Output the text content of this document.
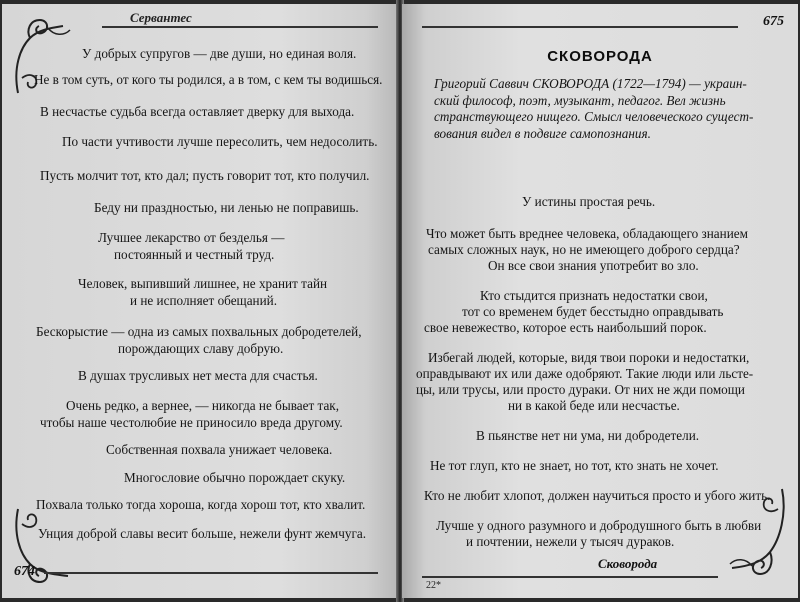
Сервантес
У добрых супругов — две души, но единая воля.
Не в том суть, от кого ты родился, а в том, с кем ты водишься.
В несчастье судьба всегда оставляет дверку для выхода.
По части учтивости лучше пересолить, чем недосолить.
Пусть молчит тот, кто дал; пусть говорит тот, кто получил.
Беду ни праздностью, ни ленью не поправишь.
Лучшее лекарство от безделья —
постоянный и честный труд.
Человек, выпивший лишнее, не хранит тайн
и не исполняет обещаний.
Бескорыстие — одна из самых похвальных добродетелей,
порождающих славу добрую.
В душах трусливых нет места для счастья.
Очень редко, а вернее, — никогда не бывает так,
чтобы наше честолюбие не приносило вреда другому.
Собственная похвала унижает человека.
Многословие обычно порождает скуку.
Похвала только тогда хороша, когда хорош тот, кто хвалит.
Унция доброй славы весит больше, нежели фунт жемчуга.
674
675
СКОВОРОДА
Григорий Саввич СКОВОРОДА (1722—1794) — украин-
ский философ, поэт, музыкант, педагог. Вел жизнь
странствующего нищего. Смысл человеческого сущест-
вования видел в подвиге самопознания.
У истины простая речь.
Что может быть вреднее человека, обладающего знанием
самых сложных наук, но не имеющего доброго сердца?
Он все свои знания употребит во зло.
Кто стыдится признать недостатки свои,
тот со временем будет бесстыдно оправдывать
свое невежество, которое есть наибольший порок.
Избегай людей, которые, видя твои пороки и недостатки,
оправдывают их или даже одобряют. Такие люди или льсте-
цы, или трусы, или просто дураки. От них не жди помощи
ни в какой беде или несчастье.
В пьянстве нет ни ума, ни добродетели.
Не тот глуп, кто не знает, но тот, кто знать не хочет.
Кто не любит хлопот, должен научиться просто и убого жить.
Лучше у одного разумного и добродушного быть в любви
и почтении, нежели у тысяч дураков.
Сковорода
22*
